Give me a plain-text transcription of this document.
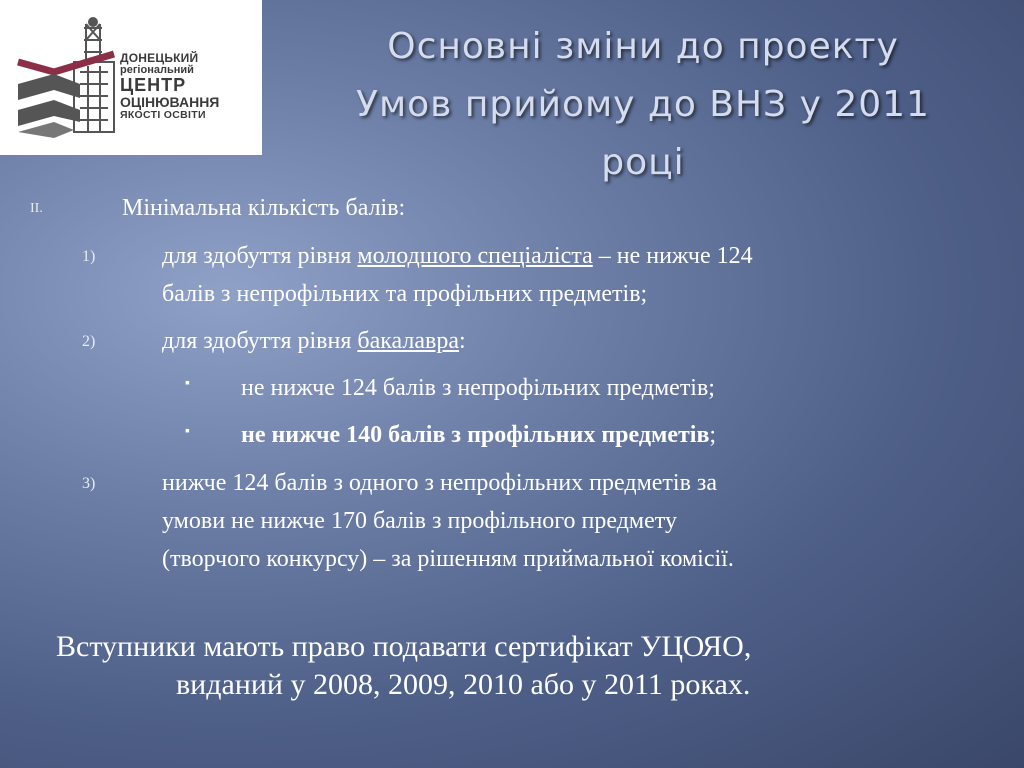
ДОНЕЦЬКИЙ
регіональний
ЦЕНТР
ОЦІНЮВАННЯ
ЯКОСТІ ОСВІТИ
Основні зміни до проекту
Умов прийому до ВНЗ у 2011
році
II.	Мінімальна кількість балів:
1)	для здобуття рівня молодшого спеціаліста – не нижче 124
балів з непрофільних та профільних предметів;
2)	для здобуття рівня бакалавра:
▪ не нижче 124 балів з непрофільних предметів;
▪ не нижче 140 балів з профільних предметів;
3)	нижче 124 балів з одного з непрофільних предметів за
умови не нижче 170 балів з профільного предмету
(творчого конкурсу) – за рішенням приймальної комісії.
Вступники мають право подавати сертифікат УЦОЯО,
виданий у 2008, 2009, 2010 або у 2011 роках.
